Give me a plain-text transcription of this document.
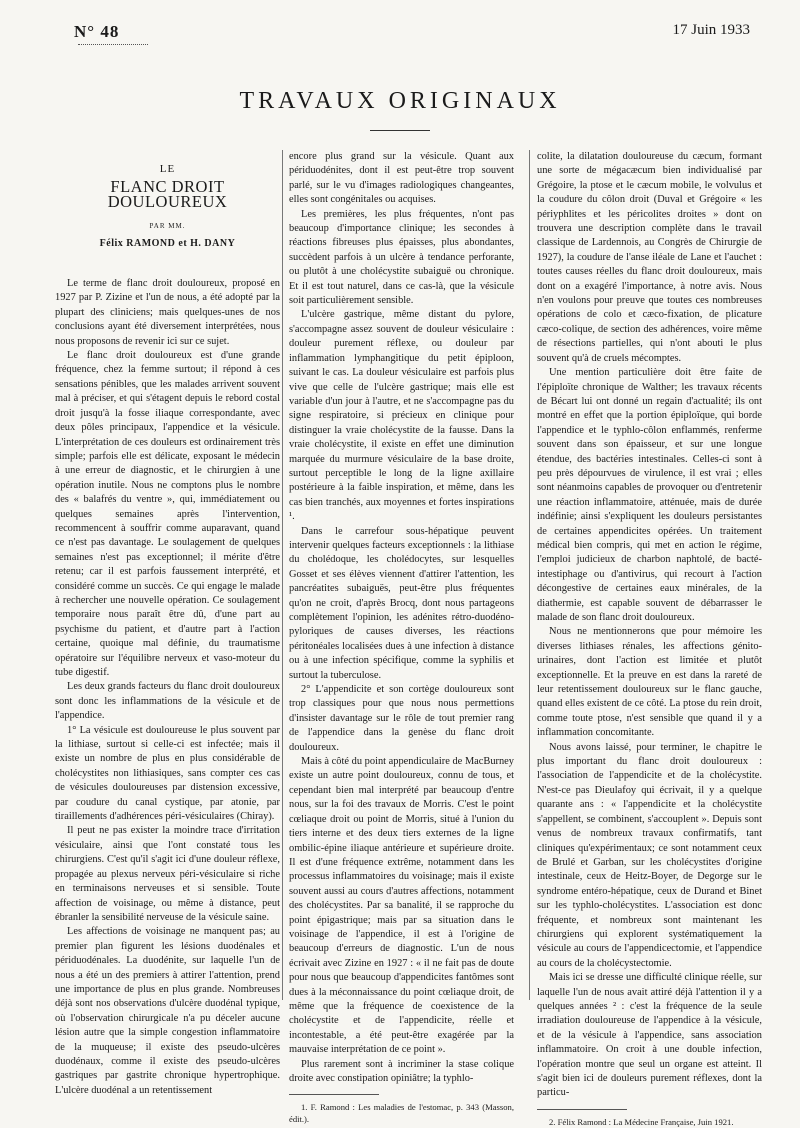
N° 48	17 Juin 1933
TRAVAUX ORIGINAUX
LE
FLANC DROIT DOULOUREUX
PAR MM.
Félix RAMOND et H. DANY

Le terme de flanc droit douloureux, proposé en 1927 par P. Zizine et l'un de nous, a été adopté par la plupart des cliniciens; mais quelques-unes de nos conclusions ayant été diversement interprétées, nous nous proposons de revenir ici sur ce sujet.

Le flanc droit douloureux est d'une grande fréquence, chez la femme surtout; il répond à ces sensations pénibles, que les malades arrivent souvent mal à préciser, et qui s'étagent depuis le rebord costal droit jusqu'à la fosse iliaque correspondante, avec deux pôles principaux, l'appendice et la vésicule. L'interprétation de ces douleurs est ordinairement très simple; parfois elle est délicate, exposant le médecin à une erreur de diagnostic, et le chirurgien à une opération inutile. Nous ne comptons plus le nombre des « balafrés du ventre », qui, immédiatement ou quelques semaines après l'intervention, recommencent à souffrir comme auparavant, quand ce n'est pas davantage. Le soulagement de quelques semaines n'est pas exceptionnel; il mérite d'être retenu; car il est parfois faussement interprété, et considéré comme un succès. Ce qui engage le malade à rechercher une nouvelle opération. Ce soulagement temporaire nous paraît être dû, d'une part au psychisme du patient, et d'autre part à l'action certaine, quoique mal définie, du traumatisme opératoire sur l'équilibre nerveux et vaso-moteur du tube digestif.

Les deux grands facteurs du flanc droit douloureux sont donc les inflammations de la vésicule et de l'appendice.

1° La vésicule est douloureuse le plus souvent par la lithiase, surtout si celle-ci est infectée; mais il existe un nombre de plus en plus considérable de cholécystites non lithiasiques, sans compter ces cas de vésicules douloureuses par distension excessive, par coudure du canal cystique, par atonie, par tiraillements d'adhérences péri-vésiculaires (Chiray).

Il peut ne pas exister la moindre trace d'irritation vésiculaire, ainsi que l'ont constaté tous les chirurgiens. C'est qu'il s'agit ici d'une douleur réflexe, propagée au plexus nerveux péri-vésiculaire si riche en terminaisons nerveuses et si sensible. Toute affection de voisinage, ou même à distance, peut ébranler la sensibilité nerveuse de la vésicule saine.

Les affections de voisinage ne manquent pas; au premier plan figurent les lésions duodénales et périduodénales. La duodénite, sur laquelle l'un de nous a été un des premiers à attirer l'attention, prend une importance de plus en plus grande. Nombreuses déjà sont nos observations d'ulcère duodénal typique, où l'observation chirurgicale n'a pu déceler aucune lésion autre que la simple congestion inflammatoire de la muqueuse; il existe des pseudo-ulcères duodénaux, comme il existe des pseudo-ulcères gastriques par gastrite chronique hypertrophique. L'ulcère duodénal a un retentissement

encore plus grand sur la vésicule. Quant aux périduodénites, dont il est peut-être trop souvent parlé, sur le vu d'images radiologiques changeantes, elles sont congénitales ou acquises.

Les premières, les plus fréquentes, n'ont pas beaucoup d'importance clinique; les secondes à réactions fibreuses plus épaisses, plus abondantes, succèdent parfois à un ulcère à tendance perforante, ou plutôt à une cholécystite subaiguë ou chronique. Et il est tout naturel, dans ce cas-là, que la vésicule soit particulièrement sensible.

L'ulcère gastrique, même distant du pylore, s'accompagne assez souvent de douleur vésiculaire : douleur purement réflexe, ou douleur par inflammation lymphangitique du petit épiploon, suivant le cas. La douleur vésiculaire est parfois plus vive que celle de l'ulcère gastrique; mais elle est variable d'un jour à l'autre, et ne s'accompagne pas du signe respiratoire, si précieux en clinique pour distinguer la vraie cholécystite de la fausse. Dans la vraie cholécystite, il existe en effet une diminution marquée du murmure vésiculaire de la base droite, surtout perceptible le long de la ligne axillaire postérieure à la faible inspiration, et même, dans les cas bien tranchés, aux moyennes et fortes inspirations ¹.

Dans le carrefour sous-hépatique peuvent intervenir quelques facteurs exceptionnels : la lithiase du cholédoque, les cholédocytes, sur lesquelles Gosset et ses élèves viennent d'attirer l'attention, les pancréatites subaiguës, peut-être plus fréquentes qu'on ne croit, d'après Brocq, dont nous partageons complètement l'opinion, les adénites rétro-duodéno-pyloriques de causes diverses, les réactions péritonéales localisées dues à une infection à distance ou à une infection spécifique, comme la syphilis et surtout la tuberculose.

2° L'appendicite et son cortège douloureux sont trop classiques pour que nous nous permettions d'insister davantage sur le rôle de tout premier rang de l'appendice dans la genèse du flanc droit douloureux.

Mais à côté du point appendiculaire de MacBurney existe un autre point douloureux, connu de tous, et cependant bien mal interprété par beaucoup d'entre nous, sur la foi des travaux de Morris. C'est le point cœliaque droit ou point de Morris, situé à l'union du tiers interne et des deux tiers externes de la ligne ombilic-épine iliaque antérieure et supérieure droite. Il est d'une fréquence extrême, notamment dans les processus inflammatoires du voisinage; mais il existe souvent aussi au cours d'autres affections, notamment des cholécystites. Par sa banalité, il se rapproche du point épigastrique; mais par sa situation dans le voisinage de l'appendice, il est à l'origine de beaucoup d'erreurs de diagnostic. L'un de nous écrivait avec Zizine en 1927 : « il ne fait pas de doute pour nous que beaucoup d'appendicites fantômes sont dues à la méconnaissance du point cœliaque droit, de même que la fréquence de coexistence de la cholécystite et de l'appendicite, réelle et incontestable, a été peut-être exagérée par la mauvaise interprétation de ce point ».

Plus rarement sont à incriminer la stase colique droite avec constipation opiniâtre; la typhlo-

1. F. Ramond : Les maladies de l'estomac, p. 343 (Masson, édit.).

colite, la dilatation douloureuse du cæcum, formant une sorte de mégacæcum bien individualisé par Grégoire, la ptose et le cæcum mobile, le volvulus et la coudure du côlon droit (Duval et Grégoire « les périyphlites et les péricolites droites » dont on trouvera une description complète dans le travail classique de Lardennois, au Congrès de Chirurgie de 1927), la coudure de l'anse iléale de Lane et l'auchet : toutes causes réelles du flanc droit douloureux, mais dont on a exagéré l'importance, à notre avis. Nous n'en voulons pour preuve que toutes ces nombreuses opérations de colo et cæco-fixation, de plicature cæco-colique, de section des adhérences, voire même de résections partielles, qui n'ont abouti le plus souvent qu'à de cruels mécomptes.

Une mention particulière doit être faite de l'épiploïte chronique de Walther; les travaux récents de Bécart lui ont donné un regain d'actualité; ils ont montré en effet que la portion épiploïque, qui borde l'appendice et le typhlo-côlon enflammés, renferme souvent dans son épaisseur, et sur une longue étendue, des bactéries intestinales. Celles-ci sont à peu près dépourvues de virulence, il est vrai ; elles sont néanmoins capables de provoquer ou d'entretenir une réaction inflammatoire, atténuée, mais de durée indéfinie; ainsi s'expliquent les douleurs persistantes de certaines appendicites opérées. Un traitement médical bien compris, qui met en action le régime, l'emploi judicieux de charbon naphtolé, de bacté-intestiphage ou d'antivirus, qui recourt à l'action décongestive de certaines eaux minérales, de la diathermie, est capable souvent de débarrasser le malade de son flanc droit douloureux.

Nous ne mentionnerons que pour mémoire les diverses lithiases rénales, les affections génito-urinaires, dont l'action est limitée et plutôt exceptionnelle. Et la preuve en est dans la rareté de leur retentissement douloureux sur le flanc gauche, quand elles existent de ce côté. La ptose du rein droit, comme toute ptose, n'est sensible que quand il y a inflammation concomitante.

Nous avons laissé, pour terminer, le chapitre le plus important du flanc droit douloureux : l'association de l'appendicite et de la cholécystite. N'est-ce pas Dieulafoy qui écrivait, il y a quelque quarante ans : « l'appendicite et la cholécystite s'appellent, se combinent, s'accouplent ». Depuis sont venus de nombreux travaux confirmatifs, tant cliniques qu'expérimentaux; ce sont notamment ceux de Brulé et Garban, sur les cholécystites d'origine intestinale, ceux de Heitz-Boyer, de Degorge sur le syndrome entéro-hépatique, ceux de Durand et Binet sur les typhlo-cholécystites. L'association est donc fréquente, et nombreux sont maintenant les chirurgiens qui explorent systématiquement la vésicule au cours de l'appendicectomie, et l'appendice au cours de la cholécystectomie.

Mais ici se dresse une difficulté clinique réelle, sur laquelle l'un de nous avait attiré déjà l'attention il y a quelques années ² : c'est la fréquence de la seule irradiation douloureuse de l'appendice à la vésicule, et de la vésicule à l'appendice, sans association inflammatoire. On croit à une double infection, l'opération montre que seul un organe est atteint. Il s'agit bien ici de douleurs purement réflexes, dont la particu-

2. Félix Ramond : La Médecine Française, Juin 1921.
